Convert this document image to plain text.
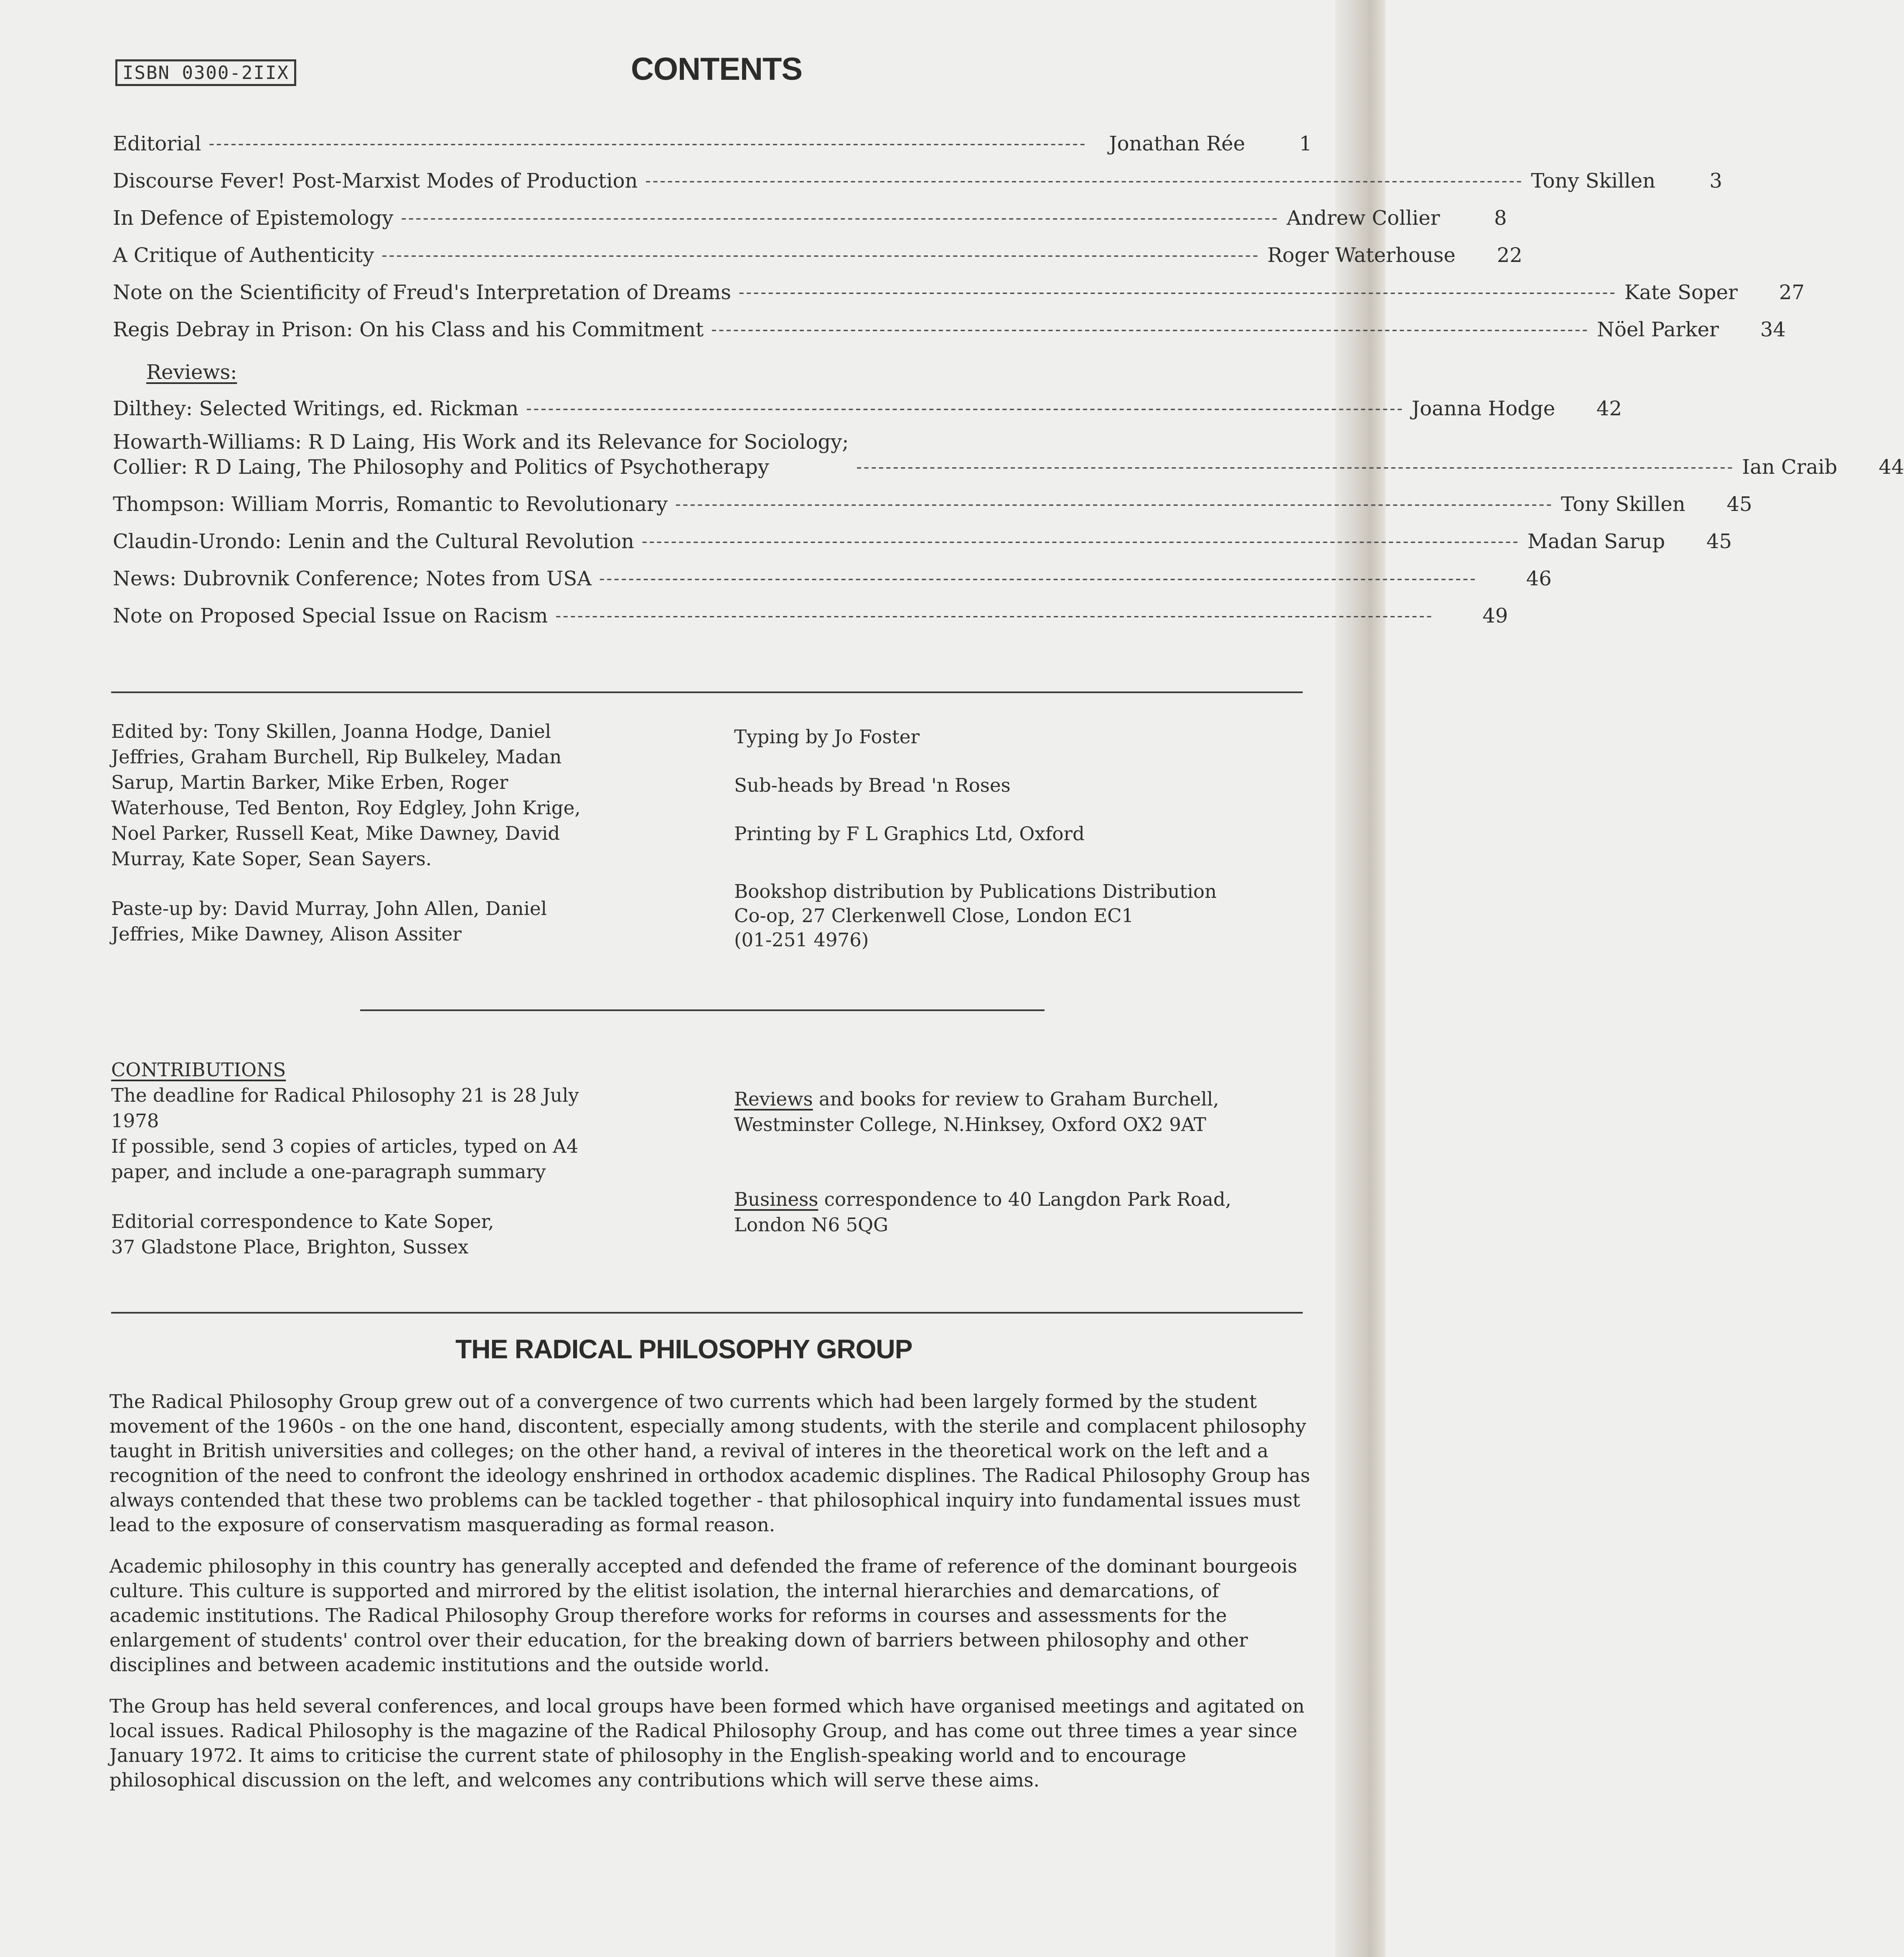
ISBN 0300-2IIX	CONTENTS
Editorial ------------------------------------------------------------------------------------------------------------------------	Jonathan Rée	1
Discourse Fever! Post-Marxist Modes of Production ------------------------------------------------------------------------------------------------------------------------ Tony Skillen	3
In Defence of Epistemology ------------------------------------------------------------------------------------------------------------------------ Andrew Collier	8
A Critique of Authenticity ------------------------------------------------------------------------------------------------------------------------ Roger Waterhouse	22
Note on the Scientificity of Freud's Interpretation of Dreams ------------------------------------------------------------------------------------------------------------------------ Kate Soper	27
Regis Debray in Prison: On his Class and his Commitment ------------------------------------------------------------------------------------------------------------------------ Nöel Parker	34
Reviews:
Dilthey: Selected Writings, ed. Rickman ------------------------------------------------------------------------------------------------------------------------ Joanna Hodge	42
Howarth-Williams: R D Laing, His Work and its Relevance for Sociology;
Collier: R D Laing, The Philosophy and Politics of Psychotherapy	------------------------------------------------------------------------------------------------------------------------ Ian Craib	44
Thompson: William Morris, Romantic to Revolutionary ------------------------------------------------------------------------------------------------------------------------ Tony Skillen	45
Claudin-Urondo: Lenin and the Cultural Revolution ------------------------------------------------------------------------------------------------------------------------ Madan Sarup	45
News: Dubrovnik Conference; Notes from USA ------------------------------------------------------------------------------------------------------------------------	46
Note on Proposed Special Issue on Racism ------------------------------------------------------------------------------------------------------------------------	49
Edited by: Tony Skillen, Joanna Hodge, Daniel
Jeffries, Graham Burchell, Rip Bulkeley, Madan
Sarup, Martin Barker, Mike Erben, Roger
Waterhouse, Ted Benton, Roy Edgley, John Krige,
Noel Parker, Russell Keat, Mike Dawney, David
Murray, Kate Soper, Sean Sayers.
Paste-up by: David Murray, John Allen, Daniel
Jeffries, Mike Dawney, Alison Assiter
Typing by Jo Foster
Sub-heads by Bread 'n Roses
Printing by F L Graphics Ltd, Oxford
Bookshop distribution by Publications Distribution
Co-op, 27 Clerkenwell Close, London EC1
(01-251 4976)
CONTRIBUTIONS
The deadline for Radical Philosophy 21 is 28 July
1978
If possible, send 3 copies of articles, typed on A4
paper, and include a one-paragraph summary
Editorial correspondence to Kate Soper,
37 Gladstone Place, Brighton, Sussex
Reviews and books for review to Graham Burchell,
Westminster College, N.Hinksey, Oxford OX2 9AT
Business correspondence to 40 Langdon Park Road,
London N6 5QG
THE RADICAL PHILOSOPHY GROUP

The Radical Philosophy Group grew out of a convergence of two currents which had been largely formed by the student movement of the 1960s - on the one hand, discontent, especially among students, with the sterile and complacent philosophy taught in British universities and colleges; on the other hand, a revival of interes in the theoretical work on the left and a recognition of the need to confront the ideology enshrined in orthodox academic displines. The Radical Philosophy Group has always contended that these two problems can be tackled together - that philosophical inquiry into fundamental issues must lead to the exposure of conservatism masquerading as formal reason.

Academic philosophy in this country has generally accepted and defended the frame of reference of the dominant bourgeois culture. This culture is supported and mirrored by the elitist isolation, the internal hierarchies and demarcations, of academic institutions. The Radical Philosophy Group therefore works for reforms in courses and assessments for the enlargement of students' control over their education, for the breaking down of barriers between philosophy and other disciplines and between academic institutions and the outside world.

The Group has held several conferences, and local groups have been formed which have organised meetings and agitated on local issues. Radical Philosophy is the magazine of the Radical Philosophy Group, and has come out three times a year since January 1972. It aims to criticise the current state of philosophy in the English-speaking world and to encourage philosophical discussion on the left, and welcomes any contributions which will serve these aims.
